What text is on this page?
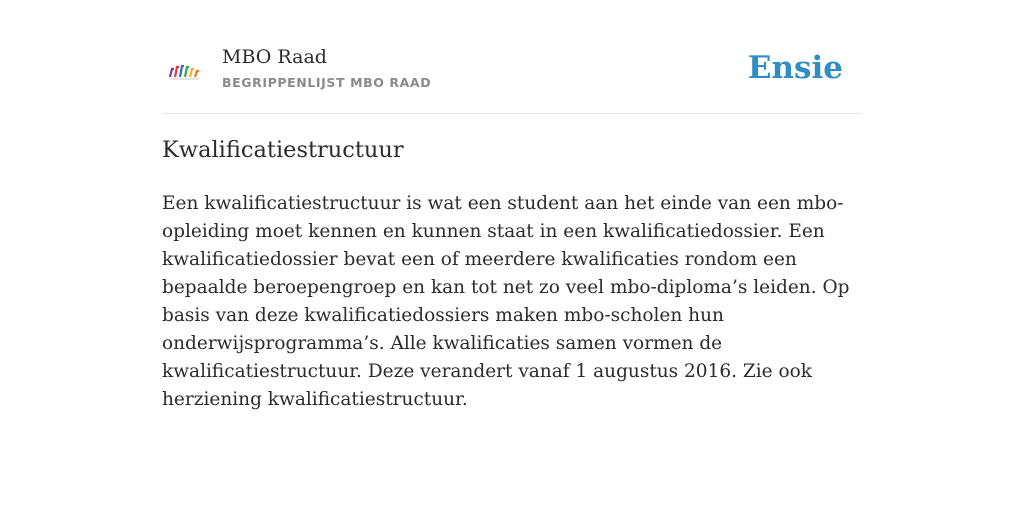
MBO Raad
BEGRIPPENLIJST MBO RAAD	Ensie
Kwalificatiestructuur

Een kwalificatiestructuur is wat een student aan het einde van een mbo-opleiding moet kennen en kunnen staat in een kwalificatiedossier. Een kwalificatiedossier bevat een of meerdere kwalificaties rondom een bepaalde beroepengroep en kan tot net zo veel mbo-diploma’s leiden. Op basis van deze kwalificatiedossiers maken mbo-scholen hun onderwijsprogramma’s. Alle kwalificaties samen vormen de kwalificatiestructuur. Deze verandert vanaf 1 augustus 2016. Zie ook herziening kwalificatiestructuur.
